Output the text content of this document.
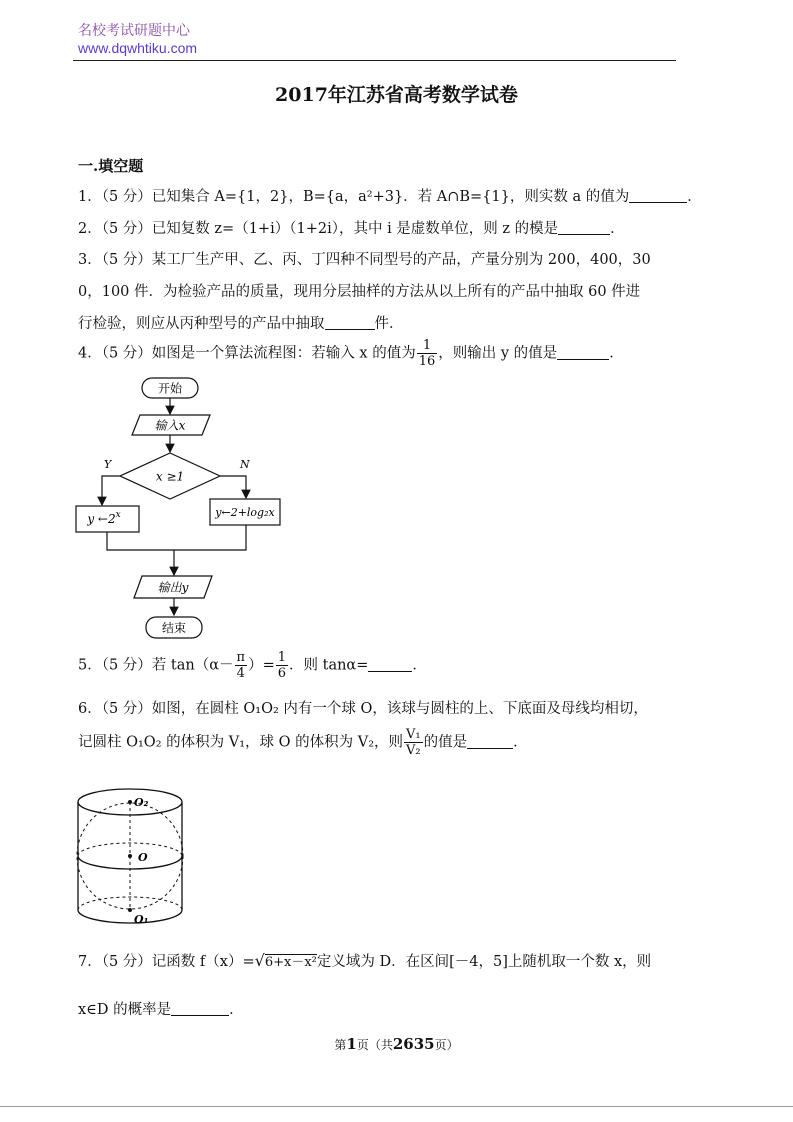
名校考试研题中心
www.dqwhtiku.com
2017年江苏省高考数学试卷
一.填空题
1．（5 分）已知集合 A={1，2}，B={a，a²+3}．若 A∩B={1}，则实数 a 的值为	．
2．（5 分）已知复数 z=（1+i）（1+2i），其中 i 是虚数单位，则 z 的模是	．
3．（5 分）某工厂生产甲、乙、丙、丁四种不同型号的产品，产量分别为 200，400，30
0，100 件．为检验产品的质量，现用分层抽样的方法从以上所有的产品中抽取 60 件进
行检验，则应从丙种型号的产品中抽取	件．
4．（5 分）如图是一个算法流程图：若输入 x 的值为 $\frac{1}{16}$ ，则输出 y 的值是	．
开始
输入x
x ≥1
Y	N
y ←2$^x$	y←2+log₂x
输出y
结束
5．（5 分）若 $\tan(\alpha- \frac{\pi}{4}$ ）= $\frac{1}{6}$ ．则 tanα=	．
6．（5 分）如图，在圆柱 O₁O₂ 内有一个球 O，该球与圆柱的上、下底面及母线均相切，
记圆柱 O₁O₂ 的体积为 V₁，球 O 的体积为 V₂，则 $\frac{\text{V₁}}{\text{V₂}}$ 的值是	．
O₂
O
O₁
7．（5 分）记函数 f（x）=√6+x－x²定义域为 D．在区间[－4，5]上随机取一个数 x，则
x∈D 的概率是	．
第1页（共2635页）
